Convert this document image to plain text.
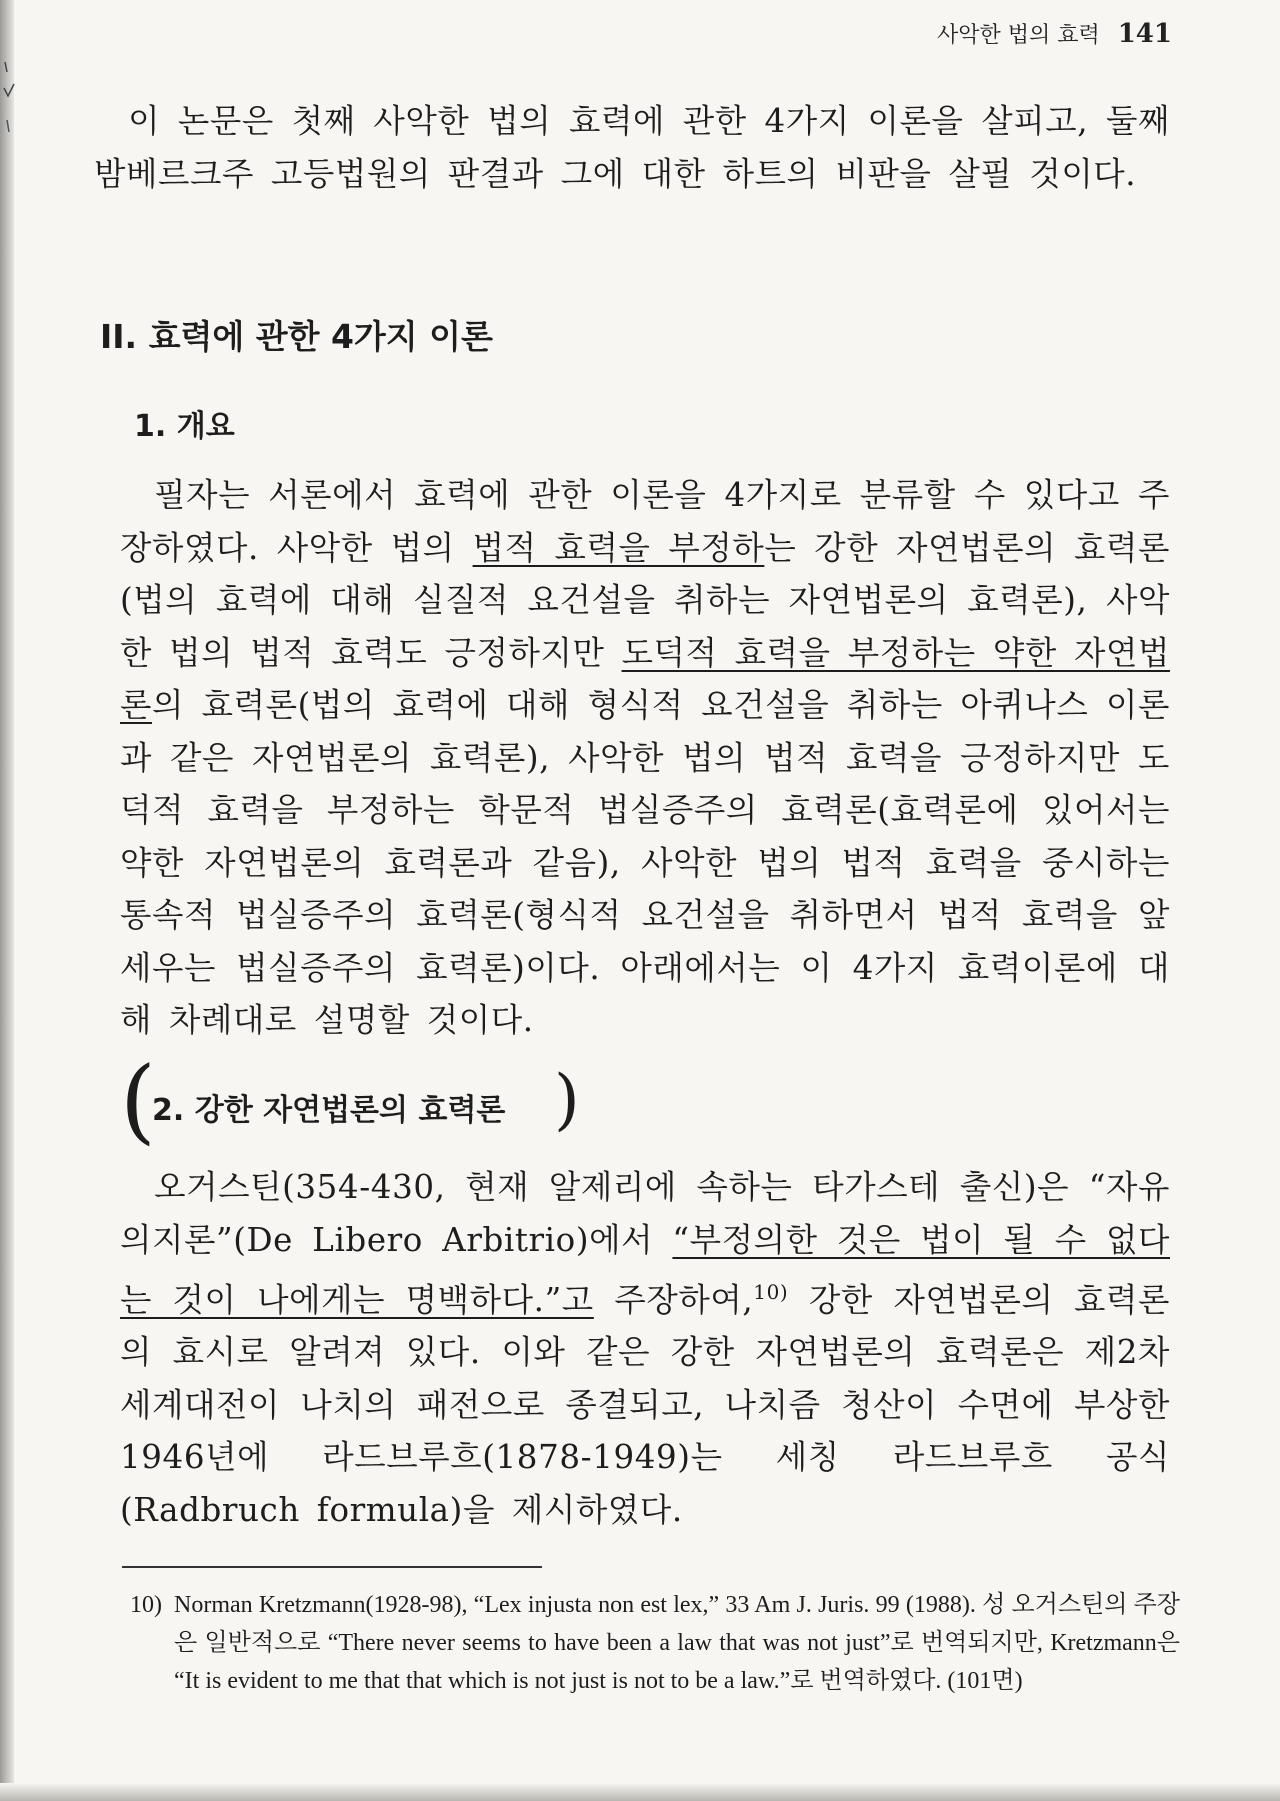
사악한 법의 효력 141

이 논문은 첫째 사악한 법의 효력에 관한 4가지 이론을 살피고, 둘째 밤베르크주 고등법원의 판결과 그에 대한 하트의 비판을 살필 것이다.

II. 효력에 관한 4가지 이론
1. 개요

필자는 서론에서 효력에 관한 이론을 4가지로 분류할 수 있다고 주장하였다. 사악한 법의 법적 효력을 부정하는 강한 자연법론의 효력론(법의 효력에 대해 실질적 요건설을 취하는 자연법론의 효력론), 사악한 법의 법적 효력도 긍정하지만 도덕적 효력을 부정하는 약한 자연법론의 효력론(법의 효력에 대해 형식적 요건설을 취하는 아퀴나스 이론과 같은 자연법론의 효력론), 사악한 법의 법적 효력을 긍정하지만 도덕적 효력을 부정하는 학문적 법실증주의 효력론(효력론에 있어서는 약한 자연법론의 효력론과 같음), 사악한 법의 법적 효력을 중시하는 통속적 법실증주의 효력론(형식적 요건설을 취하면서 법적 효력을 앞세우는 법실증주의 효력론)이다. 아래에서는 이 4가지 효력이론에 대해 차례대로 설명할 것이다.

(
2. 강한 자연법론의 효력론 )

오거스틴(354-430, 현재 알제리에 속하는 타가스테 출신)은 “자유의지론”(De Libero Arbitrio)에서 “부정의한 것은 법이 될 수 없다는 것이 나에게는 명백하다.”고 주장하여,$^{10)}$ 강한 자연법론의 효력론의 효시로 알려져 있다. 이와 같은 강한 자연법론의 효력론은 제2차 세계대전이 나치의 패전으로 종결되고, 나치즘 청산이 수면에 부상한 1946년에 라드브루흐(1878-1949)는 세칭 라드브루흐 공식(Radbruch formula)을 제시하였다.

10) Norman Kretzmann(1928-98), “Lex injusta non est lex,” 33 Am J. Juris. 99 (1988). 성 오거스틴의 주장은 일반적으로 “There never seems to have been a law that was not just”로 번역되지만, Kretzmann은 “It is evident to me that that which is not just is not to be a law.”로 번역하였다. (101면)
